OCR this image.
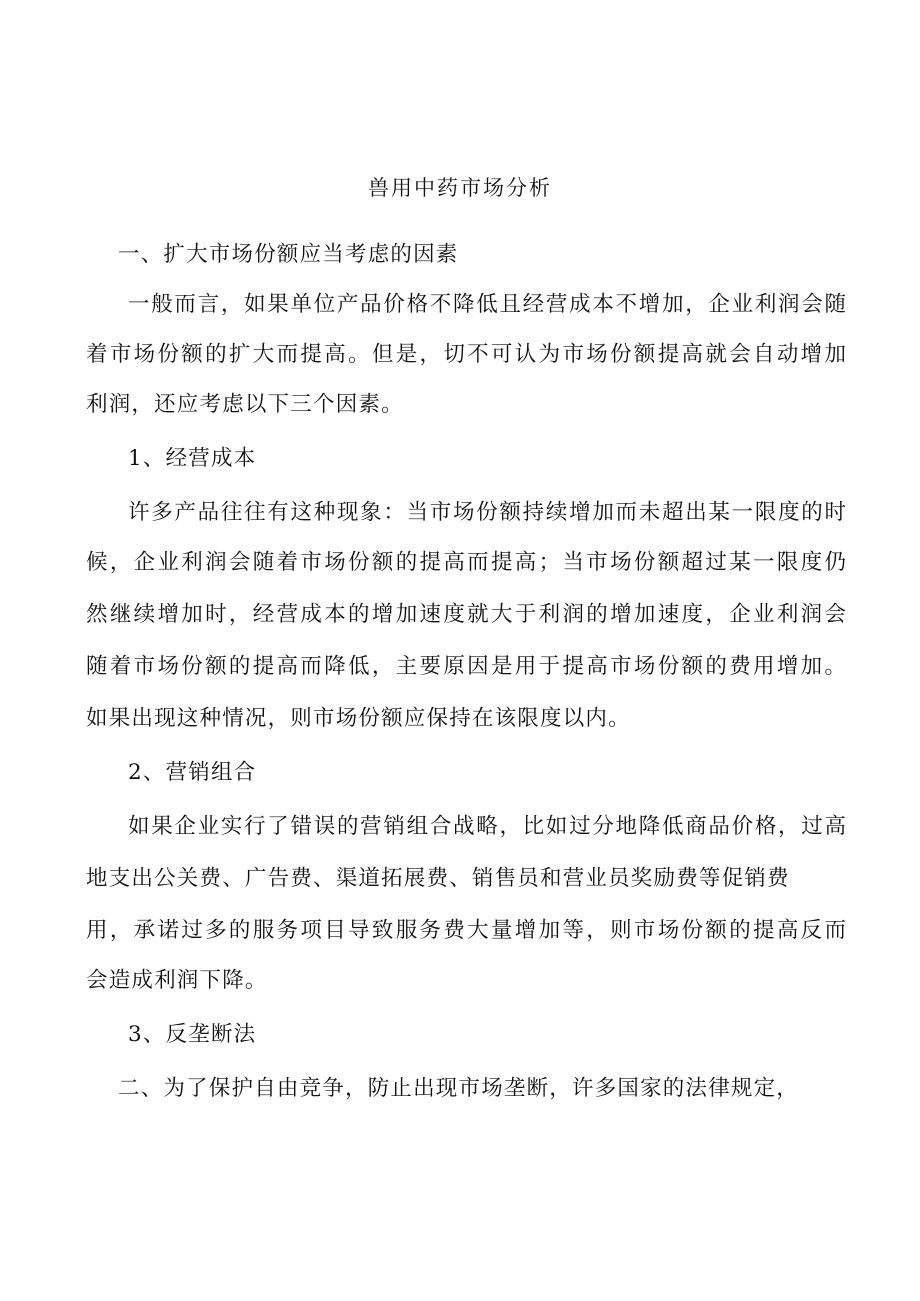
兽用中药市场分析
一、扩大市场份额应当考虑的因素
一般而言，如果单位产品价格不降低且经营成本不增加，企业利润会随
着市场份额的扩大而提高。但是，切不可认为市场份额提高就会自动增加
利润，还应考虑以下三个因素。
1、经营成本
许多产品往往有这种现象：当市场份额持续增加而未超出某一限度的时
候，企业利润会随着市场份额的提高而提高；当市场份额超过某一限度仍
然继续增加时，经营成本的增加速度就大于利润的增加速度，企业利润会
随着市场份额的提高而降低，主要原因是用于提高市场份额的费用增加。
如果出现这种情况，则市场份额应保持在该限度以内。
2、营销组合
如果企业实行了错误的营销组合战略，比如过分地降低商品价格，过高
地支出公关费、广告费、渠道拓展费、销售员和营业员奖励费等促销费
用，承诺过多的服务项目导致服务费大量增加等，则市场份额的提高反而
会造成利润下降。
3、反垄断法
二、为了保护自由竞争，防止出现市场垄断，许多国家的法律规定，
